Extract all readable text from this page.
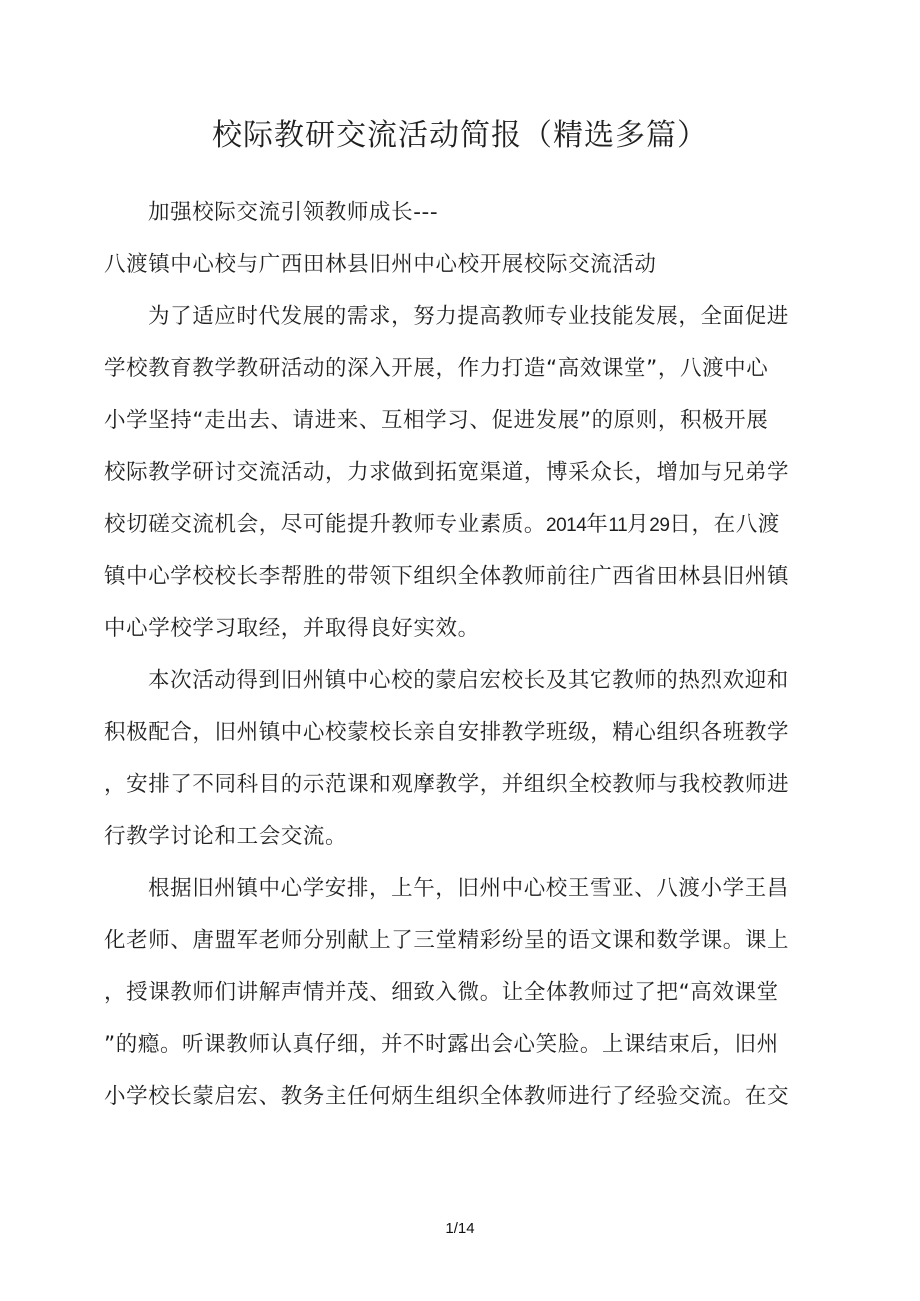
校际教研交流活动简报（精选多篇）
加强校际交流引领教师成长---
八渡镇中心校与广西田林县旧州中心校开展校际交流活动
为了适应时代发展的需求，努力提高教师专业技能发展，全面促进
学校教育教学教研活动的深入开展，作力打造“高效课堂”，八渡中心
小学坚持“走出去、请进来、互相学习、促进发展”的原则，积极开展
校际教学研讨交流活动，力求做到拓宽渠道，博采众长，增加与兄弟学
校切磋交流机会，尽可能提升教师专业素质。2014年11月29日，在八渡
镇中心学校校长李帮胜的带领下组织全体教师前往广西省田林县旧州镇
中心学校学习取经，并取得良好实效。
本次活动得到旧州镇中心校的蒙启宏校长及其它教师的热烈欢迎和
积极配合，旧州镇中心校蒙校长亲自安排教学班级，精心组织各班教学
，安排了不同科目的示范课和观摩教学，并组织全校教师与我校教师进
行教学讨论和工会交流。
根据旧州镇中心学安排，上午，旧州中心校王雪亚、八渡小学王昌
化老师、唐盟军老师分别献上了三堂精彩纷呈的语文课和数学课。课上
，授课教师们讲解声情并茂、细致入微。让全体教师过了把“高效课堂
”的瘾。听课教师认真仔细，并不时露出会心笑脸。上课结束后，旧州
小学校长蒙启宏、教务主任何炳生组织全体教师进行了经验交流。在交
1/14
